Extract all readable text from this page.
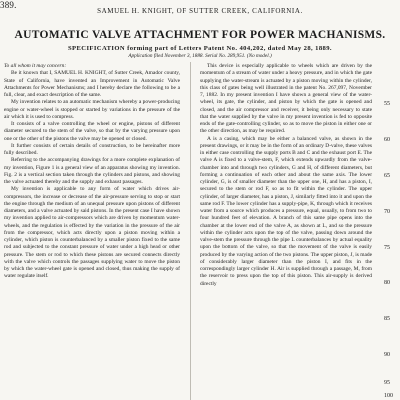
389.
SAMUEL H. KNIGHT, OF SUTTER CREEK, CALIFORNIA.
AUTOMATIC VALVE ATTACHMENT FOR POWER MACHANISMS.
SPECIFICATION forming part of Letters Patent No. 404,202, dated May 28, 1889.
Application filed November 3, 1888. Serial No. 289,951. (No model.)

To all whom it may concern:

Be it known that I, SAMUEL H. KNIGHT, of Sutter Creek, Amador county, State of California, have invented an Improvement in Automatic Valve Attachments for Power Mechanisms; and I hereby declare the following to be a full, clear, and exact description of the same.

My invention relates to an automatic mechanism whereby a power-producing engine or water-wheel is stopped or started by variations in the pressure of the air which it is used to compress.

It consists of a valve controlling the wheel or engine, pistons of different diameter secured to the stem of the valve, so that by the varying pressure upon one or the other of the pistons the valve may be opened or closed.

It further consists of certain details of construction, to be hereinafter more fully described.

Referring to the accompanying drawings for a more complete explanation of my invention, Figure 1 is a general view of an apparatus showing my invention. Fig. 2 is a vertical section taken through the cylinders and pistons, and showing the valve actuated thereby and the supply and exhaust passages.

My invention is applicable to any form of water which drives air-compressors, the increase or decrease of the air-pressure serving to stop or start the engine through the medium of an unequal pressure upon pistons of different diameters, and a valve actuated by said pistons. In the present case I have shown my invention applied to air-compressors which are driven by momentum water-wheels, and the regulation is effected by the variation in the pressure of the air from the compressor, which acts directly upon a piston moving within a cylinder, which piston is counterbalanced by a smaller piston fixed to the same rod and subjected to the constant pressure of water under a high head or other pressure. The stem or rod to which these pistons are secured connects directly with the valve which controls the passages supplying water to move the piston by which the water-wheel gate is opened and closed, thus making the supply of water regulate itself.

This device is especially applicable to wheels which are driven by the momentum of a stream of water under a heavy pressure, and in which the gate supplying the water-stream is actuated by a piston moving within the cylinder, this class of gates being well illustrated in the patent No. 267,097, November 7, 1882. In my present invention I have shown a general view of the water-wheel, its gate, the cylinder, and piston by which the gate is opened and closed, and the air compressor and receiver, it being only necessary to state that the water supplied by the valve in my present invention is fed to opposite ends of the gate-controlling cylinder, so as to move the piston in either one or the other direction, as may be required.

A is a casing, which may be either a balanced valve, as shown in the present drawings, or it may be in the form of an ordinary D-valve, these valves in either case controlling the supply ports B and C and the exhaust port E. The valve A is fixed to a valve-stem, F, which extends upwardly from the valve-chamber into and through two cylinders, G and H, of different diameters, but forming a continuation of each other and about the same axis. The lower cylinder, G, is of smaller diameter than the upper one, H, and has a piston, I, secured to the stem or rod F, so as to fit within the cylinder. The upper cylinder, of larger diameter, has a piston, J, similarly fitted into it and upon the same rod F. The lower cylinder has a supply-pipe, K, through which it receives water from a source which produces a pressure, equal, usually, to from two to four hundred feet of elevation. A branch of this same pipe opens into the chamber at the lower end of the valve A, as shown at L, and so the pressure within the cylinder acts upon the top of the valve, passing down around the valve-stem the pressure through the pipe L counterbalances by actual equality upon the bottom of the valve, so that the movement of the valve is easily produced by the varying action of the two pistons. The upper piston, J, is made of considerably larger diameter than the piston I, and fits in the correspondingly larger cylinder H. Air is supplied through a passage, M, from the reservoir to press upon the top of this piston. This air-supply is derived directly

55
60
65
70
75
80
85
90
95
100
